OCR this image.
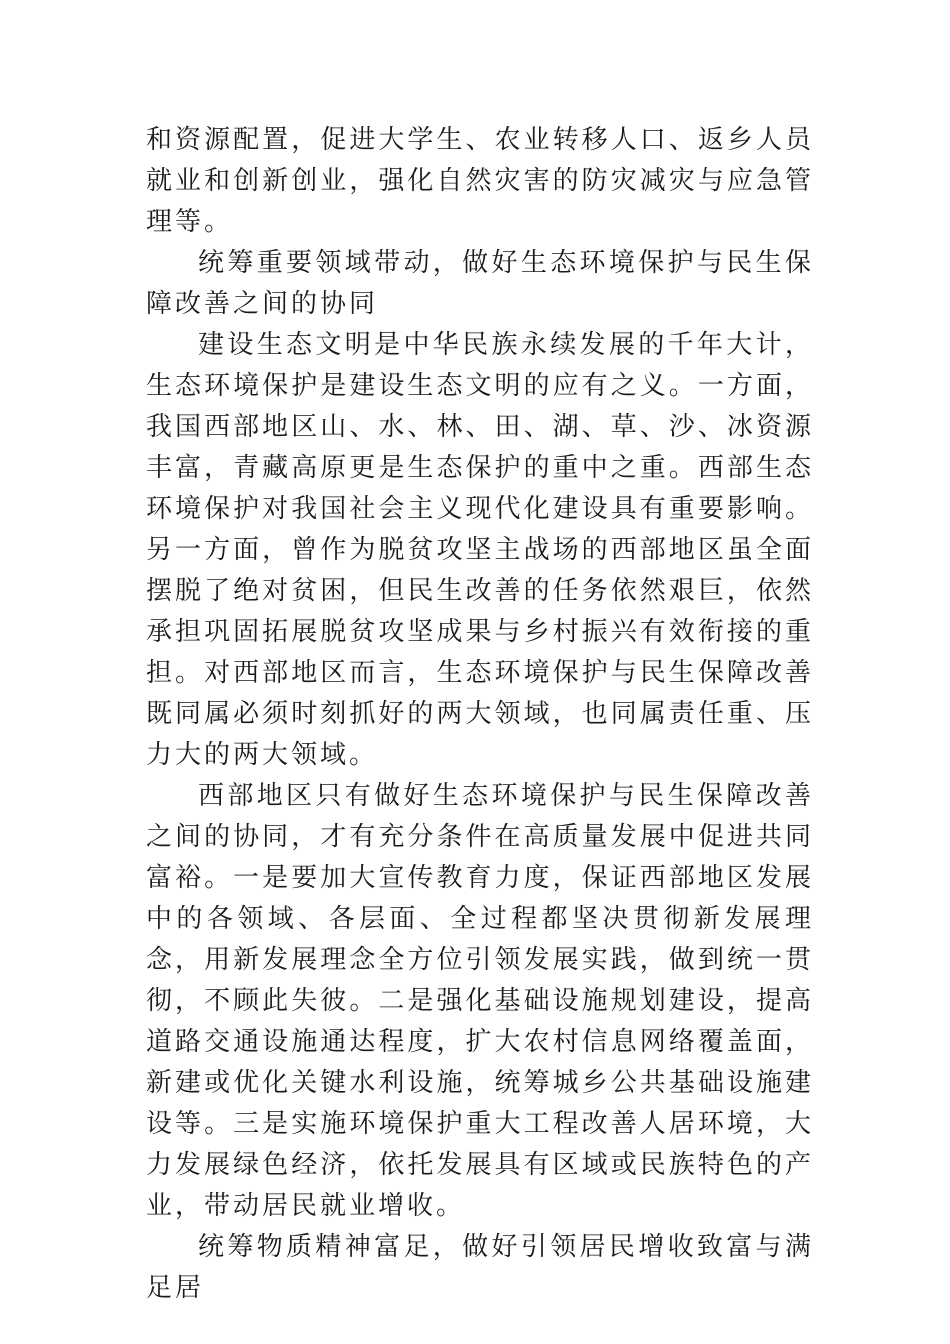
和资源配置，促进大学生、农业转移人口、返乡人员就业和创新创业，强化自然灾害的防灾减灾与应急管理等。

统筹重要领域带动，做好生态环境保护与民生保障改善之间的协同

建设生态文明是中华民族永续发展的千年大计，生态环境保护是建设生态文明的应有之义。一方面，我国西部地区山、水、林、田、湖、草、沙、冰资源丰富，青藏高原更是生态保护的重中之重。西部生态环境保护对我国社会主义现代化建设具有重要影响。另一方面，曾作为脱贫攻坚主战场的西部地区虽全面摆脱了绝对贫困，但民生改善的任务依然艰巨，依然承担巩固拓展脱贫攻坚成果与乡村振兴有效衔接的重担。对西部地区而言，生态环境保护与民生保障改善既同属必须时刻抓好的两大领域，也同属责任重、压力大的两大领域。

西部地区只有做好生态环境保护与民生保障改善之间的协同，才有充分条件在高质量发展中促进共同富裕。一是要加大宣传教育力度，保证西部地区发展中的各领域、各层面、全过程都坚决贯彻新发展理念，用新发展理念全方位引领发展实践，做到统一贯彻，不顾此失彼。二是强化基础设施规划建设，提高道路交通设施通达程度，扩大农村信息网络覆盖面，新建或优化关键水利设施，统筹城乡公共基础设施建设等。三是实施环境保护重大工程改善人居环境，大力发展绿色经济，依托发展具有区域或民族特色的产业，带动居民就业增收。

统筹物质精神富足，做好引领居民增收致富与满足居
